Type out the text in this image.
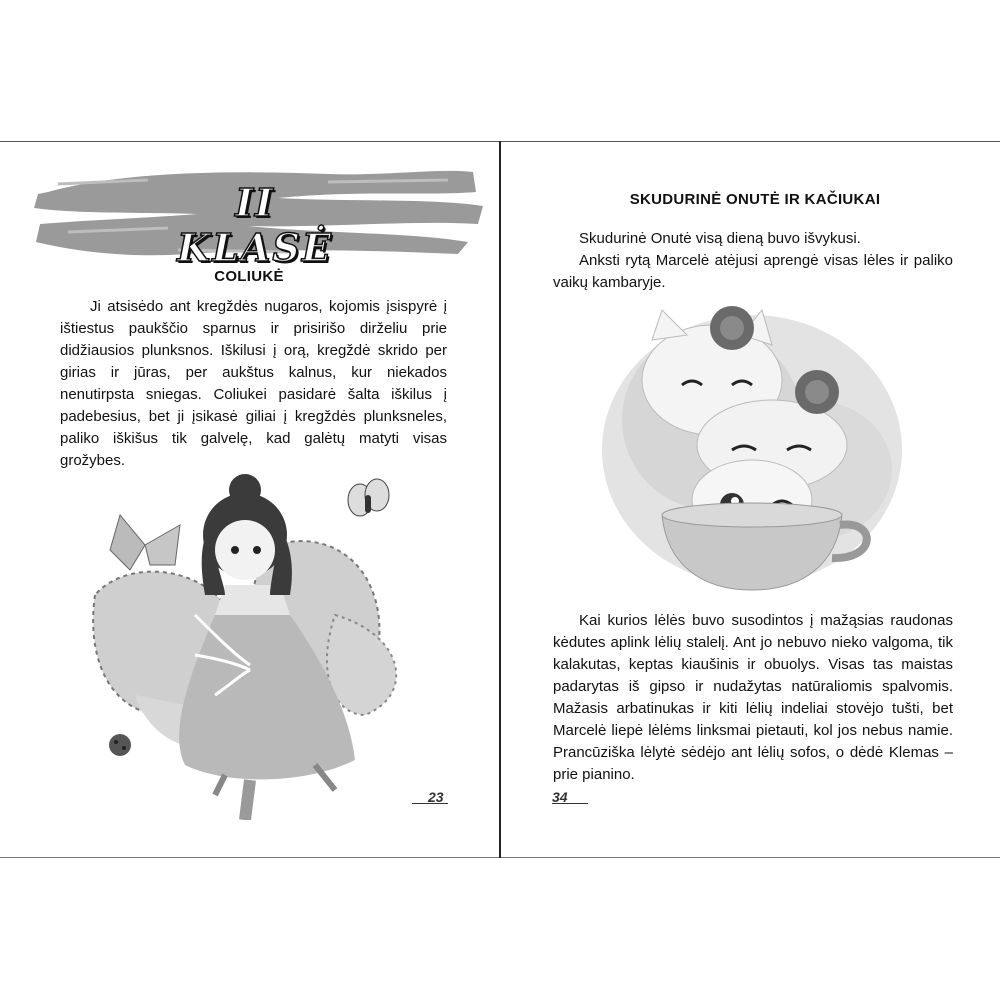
II KLASĖ
COLIUKĖ

Ji atsisėdo ant kregždės nugaros, kojomis įsispyrė į ištiestus paukščio sparnus ir prisirišo dirželiu prie didžiausios plunksnos. Iškilusi į orą, kregždė skrido per girias ir jūras, per aukštus kalnus, kur niekados nenutirpsta sniegas. Coliukei pasidarė šalta iškilus į padebesius, bet ji įsikasė giliai į kregždės plunksneles, paliko iškišus tik galvelę, kad galėtų matyti visas grožybes.

23
SKUDURINĖ ONUTĖ IR KAČIUKAI

Skudurinė Onutė visą dieną buvo išvykusi.

Anksti rytą Marcelė atėjusi aprengė visas lėles ir paliko vaikų kambaryje.

Kai kurios lėlės buvo susodintos į mažąsias raudonas kėdutes aplink lėlių stalelį. Ant jo nebuvo nieko valgoma, tik kalakutas, keptas kiaušinis ir obuolys. Visas tas maistas padarytas iš gipso ir nudažytas natūraliomis spalvomis. Mažasis arbatinukas ir kiti lėlių indeliai stovėjo tušti, bet Marcelė liepė lėlėms linksmai pietauti, kol jos nebus namie. Prancūziška lėlytė sėdėjo ant lėlių sofos, o dėdė Klemas – prie pianino.

34
